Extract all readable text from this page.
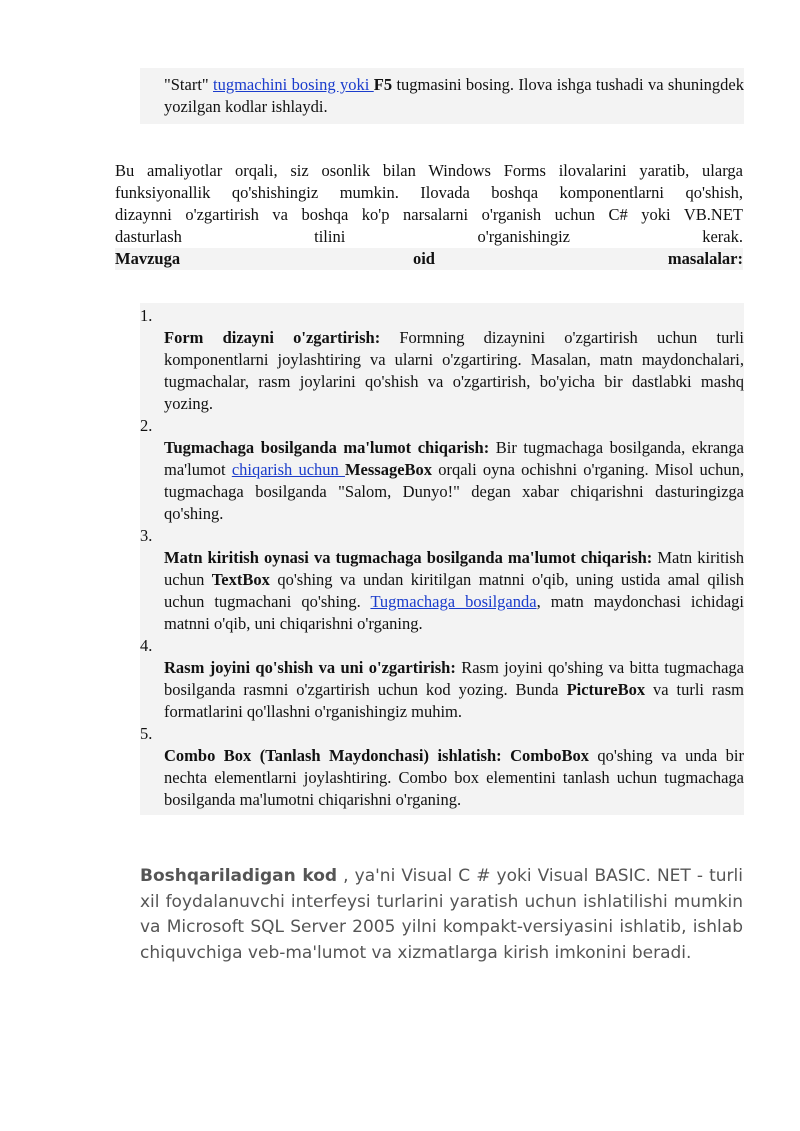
"Start" tugmachini bosing yoki F5 tugmasini bosing. Ilova ishga tushadi va shuningdek yozilgan kodlar ishlaydi.
Bu amaliyotlar orqali, siz osonlik bilan Windows Forms ilovalarini yaratib, ularga
funksiyonallik qo'shishingiz mumkin. Ilovada boshqa komponentlarni qo'shish,
dizaynni o'zgartirish va boshqa ko'p narsalarni o'rganish uchun C# yoki VB.NET
dasturlash tilini o'rganishingiz kerak.
Mavzuga oid masalalar:
1.
Form dizayni o'zgartirish: Formning dizaynini o'zgartirish uchun turli komponentlarni joylashtiring va ularni o'zgartiring. Masalan, matn maydonchalari, tugmachalar, rasm joylarini qo'shish va o'zgartirish, bo'yicha bir dastlabki mashq yozing.
2.
Tugmachaga bosilganda ma'lumot chiqarish: Bir tugmachaga bosilganda, ekranga ma'lumot chiqarish uchun MessageBox orqali oyna ochishni o'rganing. Misol uchun, tugmachaga bosilganda "Salom, Dunyo!" degan xabar chiqarishni dasturingizga qo'shing.
3.
Matn kiritish oynasi va tugmachaga bosilganda ma'lumot chiqarish: Matn kiritish uchun TextBox qo'shing va undan kiritilgan matnni o'qib, uning ustida amal qilish uchun tugmachani qo'shing. Tugmachaga bosilganda, matn maydonchasi ichidagi matnni o'qib, uni chiqarishni o'rganing.
4.
Rasm joyini qo'shish va uni o'zgartirish: Rasm joyini qo'shing va bitta tugmachaga bosilganda rasmni o'zgartirish uchun kod yozing. Bunda PictureBox va turli rasm formatlarini qo'llashni o'rganishingiz muhim.
5.
Combo Box (Tanlash Maydonchasi) ishlatish: ComboBox qo'shing va unda bir nechta elementlarni joylashtiring. Combo box elementini tanlash uchun tugmachaga bosilganda ma'lumotni chiqarishni o'rganing.
Boshqariladigan kod , ya'ni Visual C # yoki Visual BASIC. NET - turli xil foydalanuvchi interfeysi turlarini yaratish uchun ishlatilishi mumkin va Microsoft SQL Server 2005 yilni kompakt-versiyasini ishlatib, ishlab chiquvchiga veb-ma'lumot va xizmatlarga kirish imkonini beradi.
